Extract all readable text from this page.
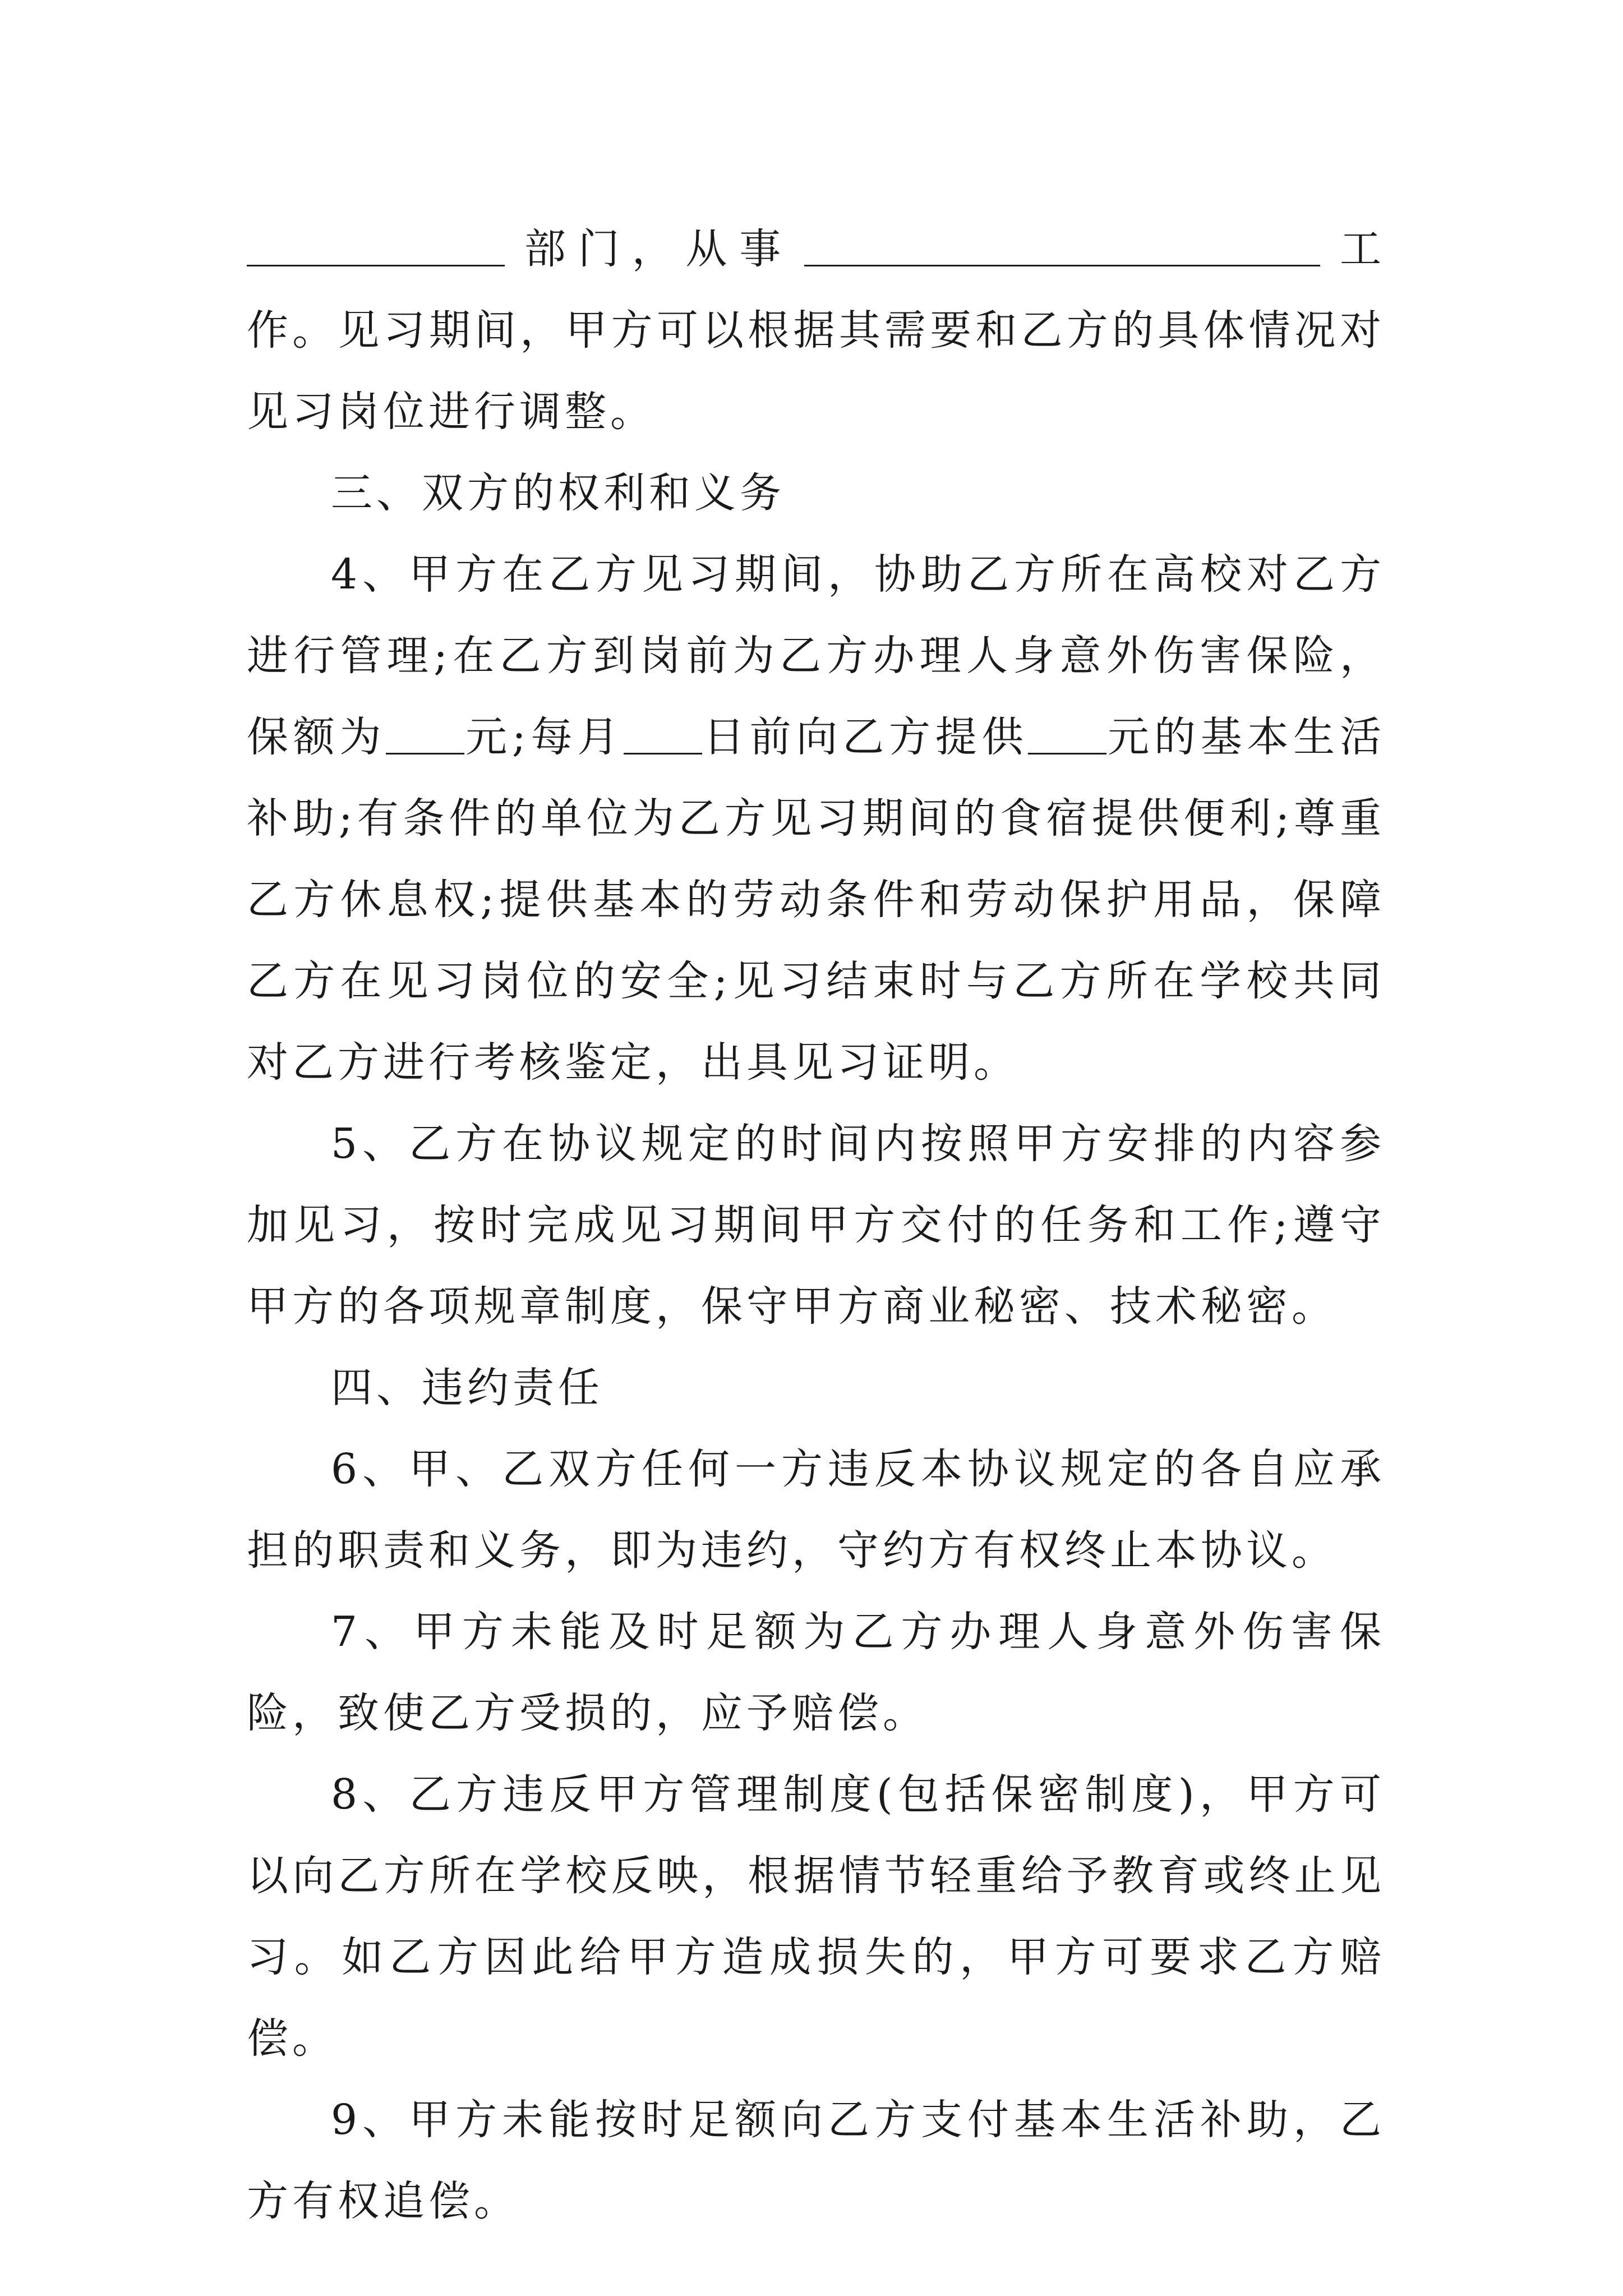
部门，从事	工作。见习期间，甲方可以根据其需要和乙方的具体情况对见习岗位进行调整。

三、双方的权利和义务

4、甲方在乙方见习期间，协助乙方所在高校对乙方进行管理;在乙方到岗前为乙方办理人身意外伤害保险，保额为 元;每月 日前向乙方提供 元的基本生活补助;有条件的单位为乙方见习期间的食宿提供便利;尊重乙方休息权;提供基本的劳动条件和劳动保护用品，保障乙方在见习岗位的安全;见习结束时与乙方所在学校共同对乙方进行考核鉴定，出具见习证明。

5、乙方在协议规定的时间内按照甲方安排的内容参加见习，按时完成见习期间甲方交付的任务和工作;遵守甲方的各项规章制度，保守甲方商业秘密、技术秘密。

四、违约责任

6、甲、乙双方任何一方违反本协议规定的各自应承担的职责和义务，即为违约，守约方有权终止本协议。

7、甲方未能及时足额为乙方办理人身意外伤害保险，致使乙方受损的，应予赔偿。

8、乙方违反甲方管理制度(包括保密制度)，甲方可以向乙方所在学校反映，根据情节轻重给予教育或终止见习。如乙方因此给甲方造成损失的，甲方可要求乙方赔偿。

9、甲方未能按时足额向乙方支付基本生活补助，乙方有权追偿。
